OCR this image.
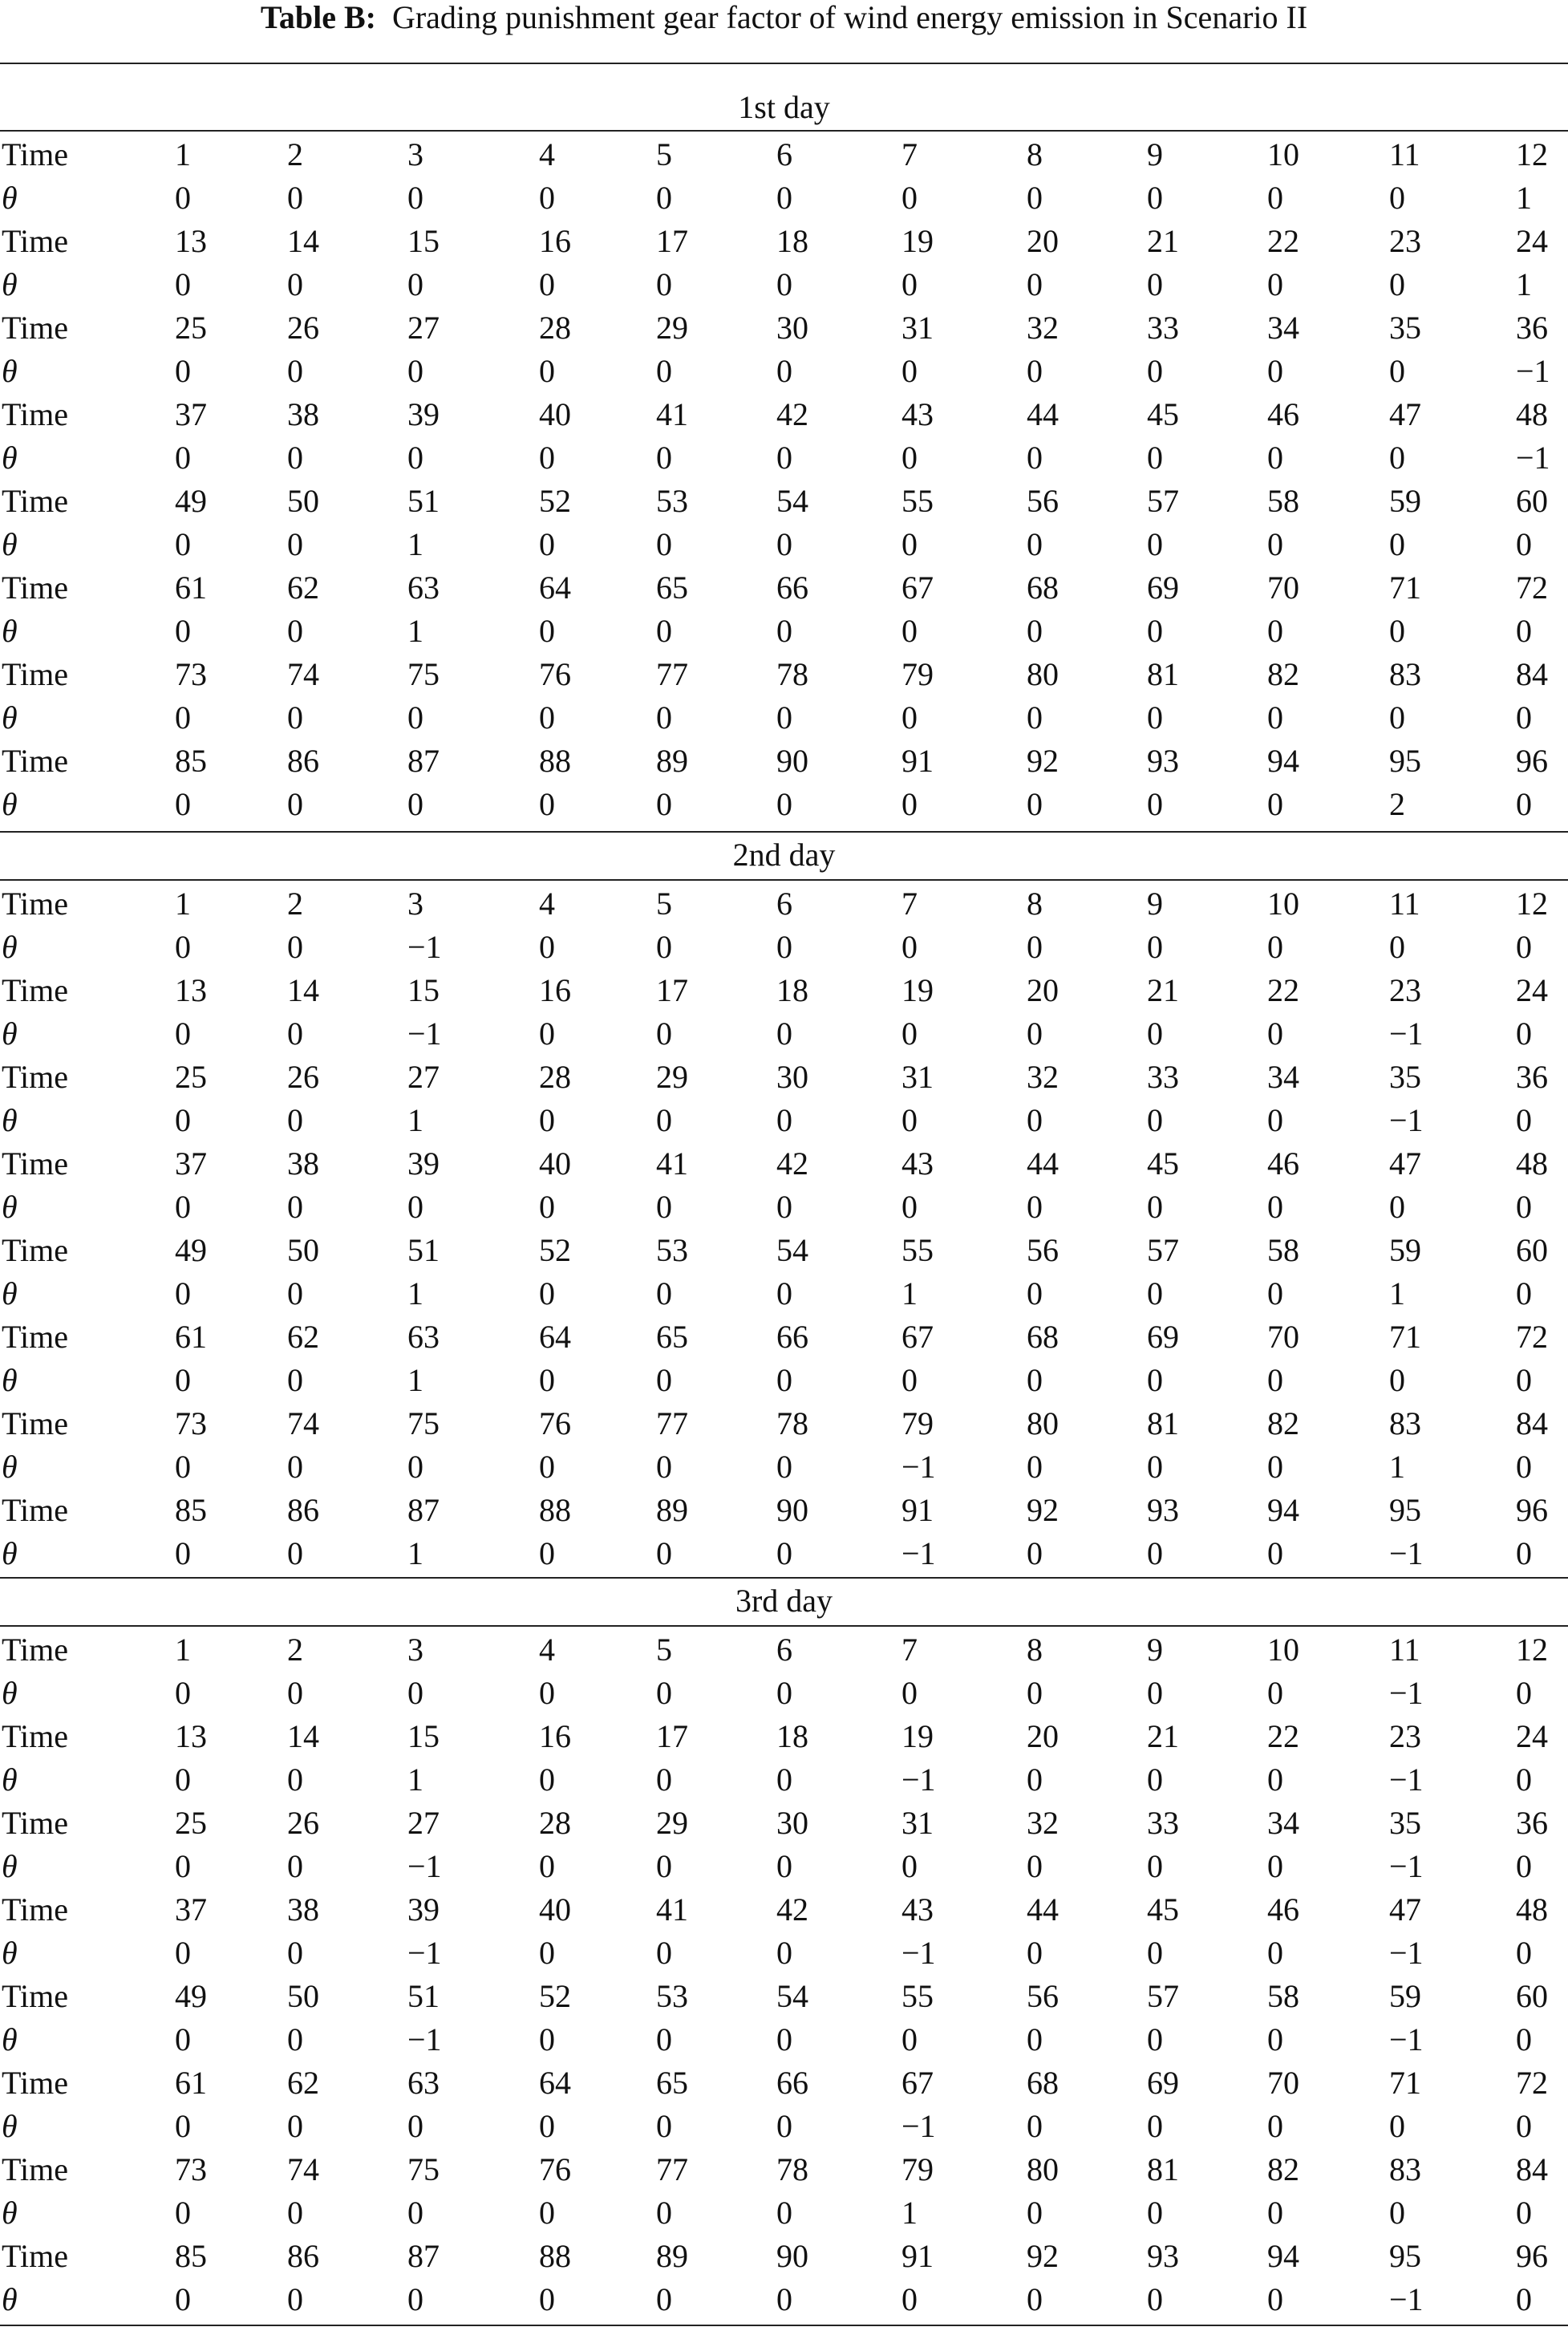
Table B: Grading punishment gear factor of wind energy emission in Scenario II
1st day
Time	1	2	3	4	5	6	7	8	9	10	11	12
θ	0	0	0	0	0	0	0	0	0	0	0	1
Time	13	14	15	16	17	18	19	20	21	22	23	24
θ	0	0	0	0	0	0	0	0	0	0	0	1
Time	25	26	27	28	29	30	31	32	33	34	35	36
θ	0	0	0	0	0	0	0	0	0	0	0	−1
Time	37	38	39	40	41	42	43	44	45	46	47	48
θ	0	0	0	0	0	0	0	0	0	0	0	−1
Time	49	50	51	52	53	54	55	56	57	58	59	60
θ	0	0	1	0	0	0	0	0	0	0	0	0
Time	61	62	63	64	65	66	67	68	69	70	71	72
θ	0	0	1	0	0	0	0	0	0	0	0	0
Time	73	74	75	76	77	78	79	80	81	82	83	84
θ	0	0	0	0	0	0	0	0	0	0	0	0
Time	85	86	87	88	89	90	91	92	93	94	95	96
θ	0	0	0	0	0	0	0	0	0	0	2	0
2nd day
Time	1	2	3	4	5	6	7	8	9	10	11	12
θ	0	0	−1	0	0	0	0	0	0	0	0	0
Time	13	14	15	16	17	18	19	20	21	22	23	24
θ	0	0	−1	0	0	0	0	0	0	0	−1	0
Time	25	26	27	28	29	30	31	32	33	34	35	36
θ	0	0	1	0	0	0	0	0	0	0	−1	0
Time	37	38	39	40	41	42	43	44	45	46	47	48
θ	0	0	0	0	0	0	0	0	0	0	0	0
Time	49	50	51	52	53	54	55	56	57	58	59	60
θ	0	0	1	0	0	0	1	0	0	0	1	0
Time	61	62	63	64	65	66	67	68	69	70	71	72
θ	0	0	1	0	0	0	0	0	0	0	0	0
Time	73	74	75	76	77	78	79	80	81	82	83	84
θ	0	0	0	0	0	0	−1	0	0	0	1	0
Time	85	86	87	88	89	90	91	92	93	94	95	96
θ	0	0	1	0	0	0	−1	0	0	0	−1	0
3rd day
Time	1	2	3	4	5	6	7	8	9	10	11	12
θ	0	0	0	0	0	0	0	0	0	0	−1	0
Time	13	14	15	16	17	18	19	20	21	22	23	24
θ	0	0	1	0	0	0	−1	0	0	0	−1	0
Time	25	26	27	28	29	30	31	32	33	34	35	36
θ	0	0	−1	0	0	0	0	0	0	0	−1	0
Time	37	38	39	40	41	42	43	44	45	46	47	48
θ	0	0	−1	0	0	0	−1	0	0	0	−1	0
Time	49	50	51	52	53	54	55	56	57	58	59	60
θ	0	0	−1	0	0	0	0	0	0	0	−1	0
Time	61	62	63	64	65	66	67	68	69	70	71	72
θ	0	0	0	0	0	0	−1	0	0	0	0	0
Time	73	74	75	76	77	78	79	80	81	82	83	84
θ	0	0	0	0	0	0	1	0	0	0	0	0
Time	85	86	87	88	89	90	91	92	93	94	95	96
θ	0	0	0	0	0	0	0	0	0	0	−1	0
